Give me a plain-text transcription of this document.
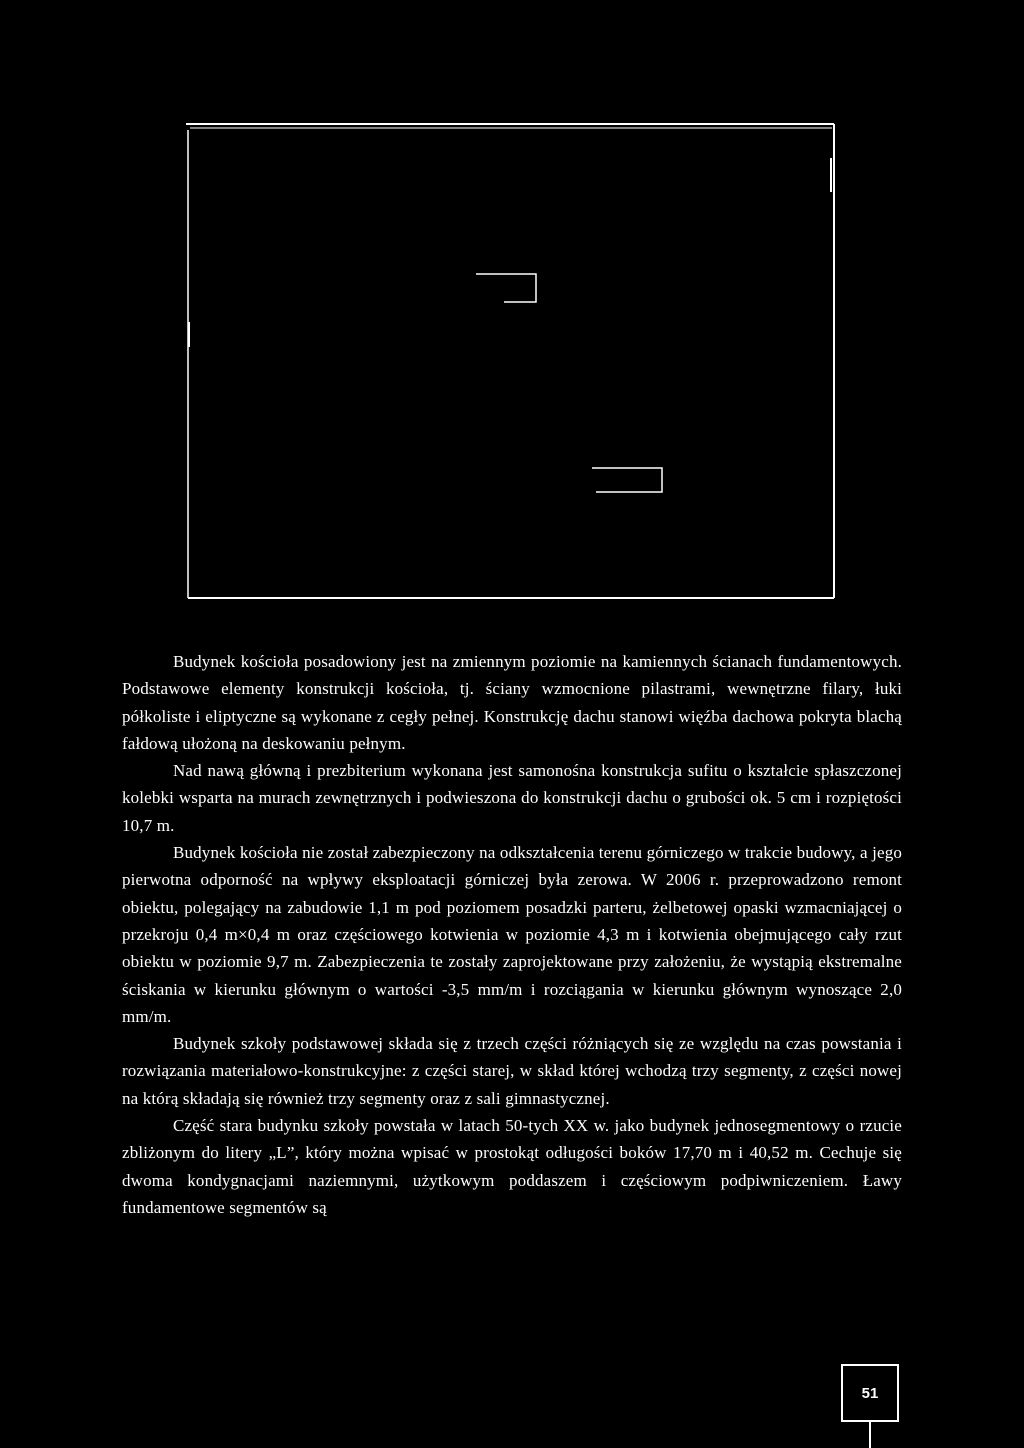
Budynek kościoła posadowiony jest na zmiennym poziomie na kamiennych ścianach fundamentowych. Podstawowe elementy konstrukcji kościoła, tj. ściany wzmocnione pilastrami, wewnętrzne filary, łuki półkoliste i eliptyczne są wykonane z cegły pełnej. Konstrukcję dachu stanowi więźba dachowa pokryta blachą fałdową ułożoną na deskowaniu pełnym.

Nad nawą główną i prezbiterium wykonana jest samonośna konstrukcja sufitu o kształcie spłaszczonej kolebki wsparta na murach zewnętrznych i podwieszona do konstrukcji dachu o grubości ok. 5 cm i rozpiętości 10,7 m.

Budynek kościoła nie został zabezpieczony na odkształcenia terenu górniczego w trakcie budowy, a jego pierwotna odporność na wpływy eksploatacji górniczej była zerowa. W 2006 r. przeprowadzono remont obiektu, polegający na zabudowie 1,1 m pod poziomem posadzki parteru, żelbetowej opaski wzmacniającej o przekroju 0,4 m×0,4 m oraz częściowego kotwienia w poziomie 4,3 m i kotwienia obejmującego cały rzut obiektu w poziomie 9,7 m. Zabezpieczenia te zostały zaprojektowane przy założeniu, że wystąpią ekstremalne ściskania w kierunku głównym o wartości -3,5 mm/m i rozciągania w kierunku głównym wynoszące 2,0 mm/m.

Budynek szkoły podstawowej składa się z trzech części różniących się ze względu na czas powstania i rozwiązania materiałowo-konstrukcyjne: z części starej, w skład której wchodzą trzy segmenty, z części nowej na którą składają się również trzy segmenty oraz z sali gimnastycznej.

Część stara budynku szkoły powstała w latach 50-tych XX w. jako budynek jednosegmentowy o rzucie zbliżonym do litery „L”, który można wpisać w prostokąt odługości boków 17,70 m i 40,52 m. Cechuje się dwoma kondygnacjami naziemnymi, użytkowym poddaszem i częściowym podpiwniczeniem. Ławy fundamentowe segmentów są

51
